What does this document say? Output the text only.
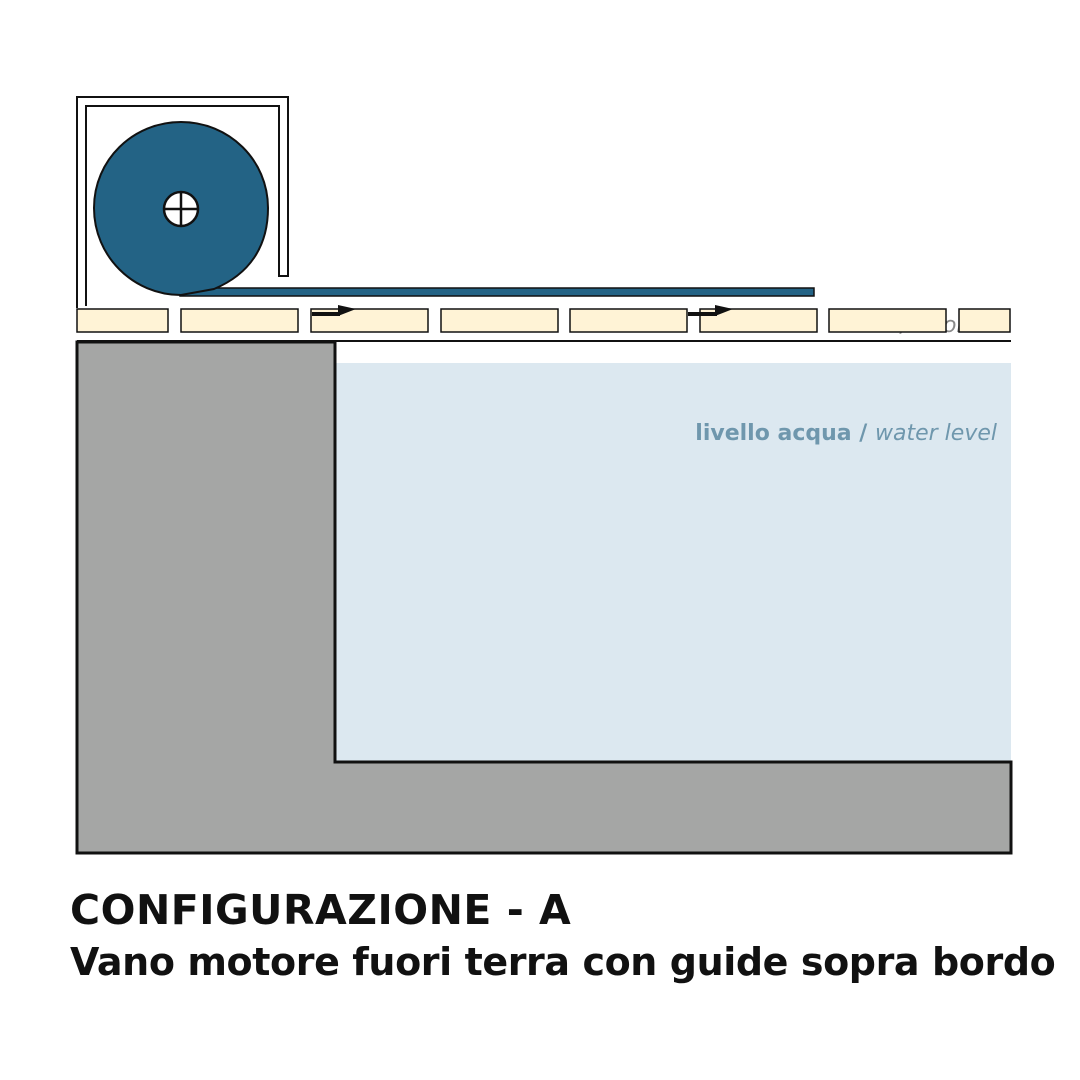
livello acqua / water level
CONFIGURAZIONE - A
Vano motore fuori terra con guide sopra bordo
